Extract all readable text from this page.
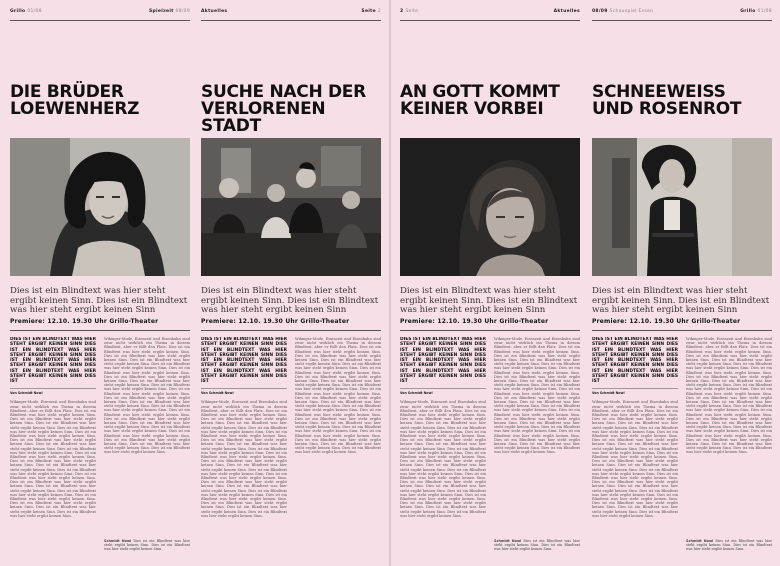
Grillo 01/08	Spielzeit 08/09
DIE BRÜDER
LOEWENHERZ
Dies ist ein Blindtext was hier steht ergibt keinen Sinn. Dies ist ein Blindtext was hier steht ergibt keinen Sinn
Premiere: 12.10. 19.30 Uhr Grillo-Theater
DIES IST EIN BLINDTEXT WAS HIER STEHT ERGIBT KEINEN SINN DIES IST EIN BLINDTEXT WAS HIER STEHT ERGIBT KEINEN SINN DIES IST EIN BLINDTEXT WAS HIER STEHT ERGIBT KEINEN SINN DIES IST EIN BLINDTEXT WAS HIER STEHT ERGIBT KEINEN SINN DIES IST
Von Schmidt Nowl
Wikinger-Mode, Eisenzeit und Eisenbahn sind zwar nicht wirklich ein Thema in diesem Blindtext, aber er füllt den Platz. Dies ist ein Blindtext was hier steht ergibt keinen Sinn. Dies ist ein Blindtext was hier steht ergibt keinen Sinn. Dies ist ein Blindtext was hier steht ergibt keinen Sinn. Dies ist ein Blindtext was hier steht ergibt keinen Sinn. Dies ist ein Blindtext was hier steht ergibt keinen Sinn. Dies ist ein Blindtext was hier steht ergibt keinen Sinn. Dies ist ein Blindtext was hier steht ergibt keinen Sinn. Dies ist ein Blindtext was hier steht ergibt keinen Sinn. Dies ist ein Blindtext was hier steht ergibt keinen Sinn. Dies ist ein Blindtext was hier steht ergibt keinen Sinn. Dies ist ein Blindtext was hier steht ergibt keinen Sinn. Dies ist ein Blindtext was hier steht ergibt keinen Sinn. Dies ist ein Blindtext was hier steht ergibt keinen Sinn. Dies ist ein Blindtext was hier steht ergibt keinen Sinn. Dies ist ein Blindtext was hier steht ergibt keinen Sinn. Dies ist ein Blindtext was hier steht ergibt keinen Sinn. Dies ist ein Blindtext was hier steht ergibt keinen Sinn. Dies ist ein Blindtext was hier steht ergibt keinen Sinn. Dies ist ein Blindtext was hier steht ergibt keinen Sinn. Dies ist ein Blindtext was hier steht ergibt keinen Sinn.
Wikinger-Mode, Eisenzeit und Eisenbahn sind zwar nicht wirklich ein Thema in diesem Blindtext, aber er füllt den Platz. Dies ist ein Blindtext was hier steht ergibt keinen Sinn. Dies ist ein Blindtext was hier steht ergibt keinen Sinn. Dies ist ein Blindtext was hier steht ergibt keinen Sinn. Dies ist ein Blindtext was hier steht ergibt keinen Sinn. Dies ist ein Blindtext was hier steht ergibt keinen Sinn. Dies ist ein Blindtext was hier steht ergibt keinen Sinn. Dies ist ein Blindtext was hier steht ergibt keinen Sinn. Dies ist ein Blindtext was hier steht ergibt keinen Sinn. Dies ist ein Blindtext was hier steht ergibt keinen Sinn. Dies ist ein Blindtext was hier steht ergibt keinen Sinn. Dies ist ein Blindtext was hier steht ergibt keinen Sinn. Dies ist ein Blindtext was hier steht ergibt keinen Sinn. Dies ist ein Blindtext was hier steht ergibt keinen Sinn. Dies ist ein Blindtext was hier steht ergibt keinen Sinn. Dies ist ein Blindtext was hier steht ergibt keinen Sinn. Dies ist ein Blindtext was hier steht ergibt keinen Sinn. Dies ist ein Blindtext was hier steht ergibt keinen Sinn. Dies ist ein Blindtext was hier steht ergibt keinen Sinn. Dies ist ein Blindtext was hier steht ergibt keinen Sinn. Dies ist ein Blindtext was hier steht ergibt keinen Sinn.
Schmidt Nowl Dies ist ein Blindtext was hier steht ergibt keinen Sinn. Dies ist ein Blindtext was hier steht ergibt keinen Sinn.
Aktuelles	Seite 2
SUCHE NACH DER
VERLORENEN STADT
Dies ist ein Blindtext was hier steht ergibt keinen Sinn. Dies ist ein Blindtext was hier steht ergibt keinen Sinn
Premiere: 12.10. 19.30 Uhr Grillo-Theater
DIES IST EIN BLINDTEXT WAS HIER STEHT ERGIBT KEINEN SINN DIES IST EIN BLINDTEXT WAS HIER STEHT ERGIBT KEINEN SINN DIES IST EIN BLINDTEXT WAS HIER STEHT ERGIBT KEINEN SINN DIES IST EIN BLINDTEXT WAS HIER STEHT ERGIBT KEINEN SINN DIES IST
Von Schmidt Nowl
Wikinger-Mode, Eisenzeit und Eisenbahn sind zwar nicht wirklich ein Thema in diesem Blindtext, aber er füllt den Platz. Dies ist ein Blindtext was hier steht ergibt keinen Sinn. Dies ist ein Blindtext was hier steht ergibt keinen Sinn. Dies ist ein Blindtext was hier steht ergibt keinen Sinn. Dies ist ein Blindtext was hier steht ergibt keinen Sinn. Dies ist ein Blindtext was hier steht ergibt keinen Sinn. Dies ist ein Blindtext was hier steht ergibt keinen Sinn. Dies ist ein Blindtext was hier steht ergibt keinen Sinn. Dies ist ein Blindtext was hier steht ergibt keinen Sinn. Dies ist ein Blindtext was hier steht ergibt keinen Sinn. Dies ist ein Blindtext was hier steht ergibt keinen Sinn. Dies ist ein Blindtext was hier steht ergibt keinen Sinn. Dies ist ein Blindtext was hier steht ergibt keinen Sinn. Dies ist ein Blindtext was hier steht ergibt keinen Sinn. Dies ist ein Blindtext was hier steht ergibt keinen Sinn. Dies ist ein Blindtext was hier steht ergibt keinen Sinn. Dies ist ein Blindtext was hier steht ergibt keinen Sinn. Dies ist ein Blindtext was hier steht ergibt keinen Sinn. Dies ist ein Blindtext was hier steht ergibt keinen Sinn. Dies ist ein Blindtext was hier steht ergibt keinen Sinn. Dies ist ein Blindtext was hier steht ergibt keinen Sinn.
Wikinger-Mode, Eisenzeit und Eisenbahn sind zwar nicht wirklich ein Thema in diesem Blindtext, aber er füllt den Platz. Dies ist ein Blindtext was hier steht ergibt keinen Sinn. Dies ist ein Blindtext was hier steht ergibt keinen Sinn. Dies ist ein Blindtext was hier steht ergibt keinen Sinn. Dies ist ein Blindtext was hier steht ergibt keinen Sinn. Dies ist ein Blindtext was hier steht ergibt keinen Sinn. Dies ist ein Blindtext was hier steht ergibt keinen Sinn. Dies ist ein Blindtext was hier steht ergibt keinen Sinn. Dies ist ein Blindtext was hier steht ergibt keinen Sinn. Dies ist ein Blindtext was hier steht ergibt keinen Sinn. Dies ist ein Blindtext was hier steht ergibt keinen Sinn. Dies ist ein Blindtext was hier steht ergibt keinen Sinn. Dies ist ein Blindtext was hier steht ergibt keinen Sinn. Dies ist ein Blindtext was hier steht ergibt keinen Sinn. Dies ist ein Blindtext was hier steht ergibt keinen Sinn. Dies ist ein Blindtext was hier steht ergibt keinen Sinn. Dies ist ein Blindtext was hier steht ergibt keinen Sinn. Dies ist ein Blindtext was hier steht ergibt keinen Sinn. Dies ist ein Blindtext was hier steht ergibt keinen Sinn. Dies ist ein Blindtext was hier steht ergibt keinen Sinn. Dies ist ein Blindtext was hier steht ergibt keinen Sinn.
2 Seite	Aktuelles
AN GOTT KOMMT
KEINER VORBEI
Dies ist ein Blindtext was hier steht ergibt keinen Sinn. Dies ist ein Blindtext was hier steht ergibt keinen Sinn
Premiere: 12.10. 19.30 Uhr Grillo-Theater
DIES IST EIN BLINDTEXT WAS HIER STEHT ERGIBT KEINEN SINN DIES IST EIN BLINDTEXT WAS HIER STEHT ERGIBT KEINEN SINN DIES IST EIN BLINDTEXT WAS HIER STEHT ERGIBT KEINEN SINN DIES IST EIN BLINDTEXT WAS HIER STEHT ERGIBT KEINEN SINN DIES IST
Von Schmidt Nowl
Wikinger-Mode, Eisenzeit und Eisenbahn sind zwar nicht wirklich ein Thema in diesem Blindtext, aber er füllt den Platz. Dies ist ein Blindtext was hier steht ergibt keinen Sinn. Dies ist ein Blindtext was hier steht ergibt keinen Sinn. Dies ist ein Blindtext was hier steht ergibt keinen Sinn. Dies ist ein Blindtext was hier steht ergibt keinen Sinn. Dies ist ein Blindtext was hier steht ergibt keinen Sinn. Dies ist ein Blindtext was hier steht ergibt keinen Sinn. Dies ist ein Blindtext was hier steht ergibt keinen Sinn. Dies ist ein Blindtext was hier steht ergibt keinen Sinn. Dies ist ein Blindtext was hier steht ergibt keinen Sinn. Dies ist ein Blindtext was hier steht ergibt keinen Sinn. Dies ist ein Blindtext was hier steht ergibt keinen Sinn. Dies ist ein Blindtext was hier steht ergibt keinen Sinn. Dies ist ein Blindtext was hier steht ergibt keinen Sinn. Dies ist ein Blindtext was hier steht ergibt keinen Sinn. Dies ist ein Blindtext was hier steht ergibt keinen Sinn. Dies ist ein Blindtext was hier steht ergibt keinen Sinn. Dies ist ein Blindtext was hier steht ergibt keinen Sinn. Dies ist ein Blindtext was hier steht ergibt keinen Sinn. Dies ist ein Blindtext was hier steht ergibt keinen Sinn. Dies ist ein Blindtext was hier steht ergibt keinen Sinn.
Wikinger-Mode, Eisenzeit und Eisenbahn sind zwar nicht wirklich ein Thema in diesem Blindtext, aber er füllt den Platz. Dies ist ein Blindtext was hier steht ergibt keinen Sinn. Dies ist ein Blindtext was hier steht ergibt keinen Sinn. Dies ist ein Blindtext was hier steht ergibt keinen Sinn. Dies ist ein Blindtext was hier steht ergibt keinen Sinn. Dies ist ein Blindtext was hier steht ergibt keinen Sinn. Dies ist ein Blindtext was hier steht ergibt keinen Sinn. Dies ist ein Blindtext was hier steht ergibt keinen Sinn. Dies ist ein Blindtext was hier steht ergibt keinen Sinn. Dies ist ein Blindtext was hier steht ergibt keinen Sinn. Dies ist ein Blindtext was hier steht ergibt keinen Sinn. Dies ist ein Blindtext was hier steht ergibt keinen Sinn. Dies ist ein Blindtext was hier steht ergibt keinen Sinn. Dies ist ein Blindtext was hier steht ergibt keinen Sinn. Dies ist ein Blindtext was hier steht ergibt keinen Sinn. Dies ist ein Blindtext was hier steht ergibt keinen Sinn. Dies ist ein Blindtext was hier steht ergibt keinen Sinn. Dies ist ein Blindtext was hier steht ergibt keinen Sinn. Dies ist ein Blindtext was hier steht ergibt keinen Sinn. Dies ist ein Blindtext was hier steht ergibt keinen Sinn. Dies ist ein Blindtext was hier steht ergibt keinen Sinn.
Schmidt Nowl Dies ist ein Blindtext was hier steht ergibt keinen Sinn. Dies ist ein Blindtext was hier steht ergibt keinen Sinn.
08/09 Schauspiel Essen	Grillo 01/08
SCHNEEWEISS
UND ROSENROT
Dies ist ein Blindtext was hier steht ergibt keinen Sinn. Dies ist ein Blindtext was hier steht ergibt keinen Sinn
Premiere: 12.10. 19.30 Uhr Grillo-Theater
DIES IST EIN BLINDTEXT WAS HIER STEHT ERGIBT KEINEN SINN DIES IST EIN BLINDTEXT WAS HIER STEHT ERGIBT KEINEN SINN DIES IST EIN BLINDTEXT WAS HIER STEHT ERGIBT KEINEN SINN DIES IST EIN BLINDTEXT WAS HIER STEHT ERGIBT KEINEN SINN DIES IST
Von Schmidt Nowl
Wikinger-Mode, Eisenzeit und Eisenbahn sind zwar nicht wirklich ein Thema in diesem Blindtext, aber er füllt den Platz. Dies ist ein Blindtext was hier steht ergibt keinen Sinn. Dies ist ein Blindtext was hier steht ergibt keinen Sinn. Dies ist ein Blindtext was hier steht ergibt keinen Sinn. Dies ist ein Blindtext was hier steht ergibt keinen Sinn. Dies ist ein Blindtext was hier steht ergibt keinen Sinn. Dies ist ein Blindtext was hier steht ergibt keinen Sinn. Dies ist ein Blindtext was hier steht ergibt keinen Sinn. Dies ist ein Blindtext was hier steht ergibt keinen Sinn. Dies ist ein Blindtext was hier steht ergibt keinen Sinn. Dies ist ein Blindtext was hier steht ergibt keinen Sinn. Dies ist ein Blindtext was hier steht ergibt keinen Sinn. Dies ist ein Blindtext was hier steht ergibt keinen Sinn. Dies ist ein Blindtext was hier steht ergibt keinen Sinn. Dies ist ein Blindtext was hier steht ergibt keinen Sinn. Dies ist ein Blindtext was hier steht ergibt keinen Sinn. Dies ist ein Blindtext was hier steht ergibt keinen Sinn. Dies ist ein Blindtext was hier steht ergibt keinen Sinn. Dies ist ein Blindtext was hier steht ergibt keinen Sinn. Dies ist ein Blindtext was hier steht ergibt keinen Sinn. Dies ist ein Blindtext was hier steht ergibt keinen Sinn.
Wikinger-Mode, Eisenzeit und Eisenbahn sind zwar nicht wirklich ein Thema in diesem Blindtext, aber er füllt den Platz. Dies ist ein Blindtext was hier steht ergibt keinen Sinn. Dies ist ein Blindtext was hier steht ergibt keinen Sinn. Dies ist ein Blindtext was hier steht ergibt keinen Sinn. Dies ist ein Blindtext was hier steht ergibt keinen Sinn. Dies ist ein Blindtext was hier steht ergibt keinen Sinn. Dies ist ein Blindtext was hier steht ergibt keinen Sinn. Dies ist ein Blindtext was hier steht ergibt keinen Sinn. Dies ist ein Blindtext was hier steht ergibt keinen Sinn. Dies ist ein Blindtext was hier steht ergibt keinen Sinn. Dies ist ein Blindtext was hier steht ergibt keinen Sinn. Dies ist ein Blindtext was hier steht ergibt keinen Sinn. Dies ist ein Blindtext was hier steht ergibt keinen Sinn. Dies ist ein Blindtext was hier steht ergibt keinen Sinn. Dies ist ein Blindtext was hier steht ergibt keinen Sinn. Dies ist ein Blindtext was hier steht ergibt keinen Sinn. Dies ist ein Blindtext was hier steht ergibt keinen Sinn. Dies ist ein Blindtext was hier steht ergibt keinen Sinn. Dies ist ein Blindtext was hier steht ergibt keinen Sinn. Dies ist ein Blindtext was hier steht ergibt keinen Sinn. Dies ist ein Blindtext was hier steht ergibt keinen Sinn.
Schmidt Nowl Dies ist ein Blindtext was hier steht ergibt keinen Sinn. Dies ist ein Blindtext was hier steht ergibt keinen Sinn.
